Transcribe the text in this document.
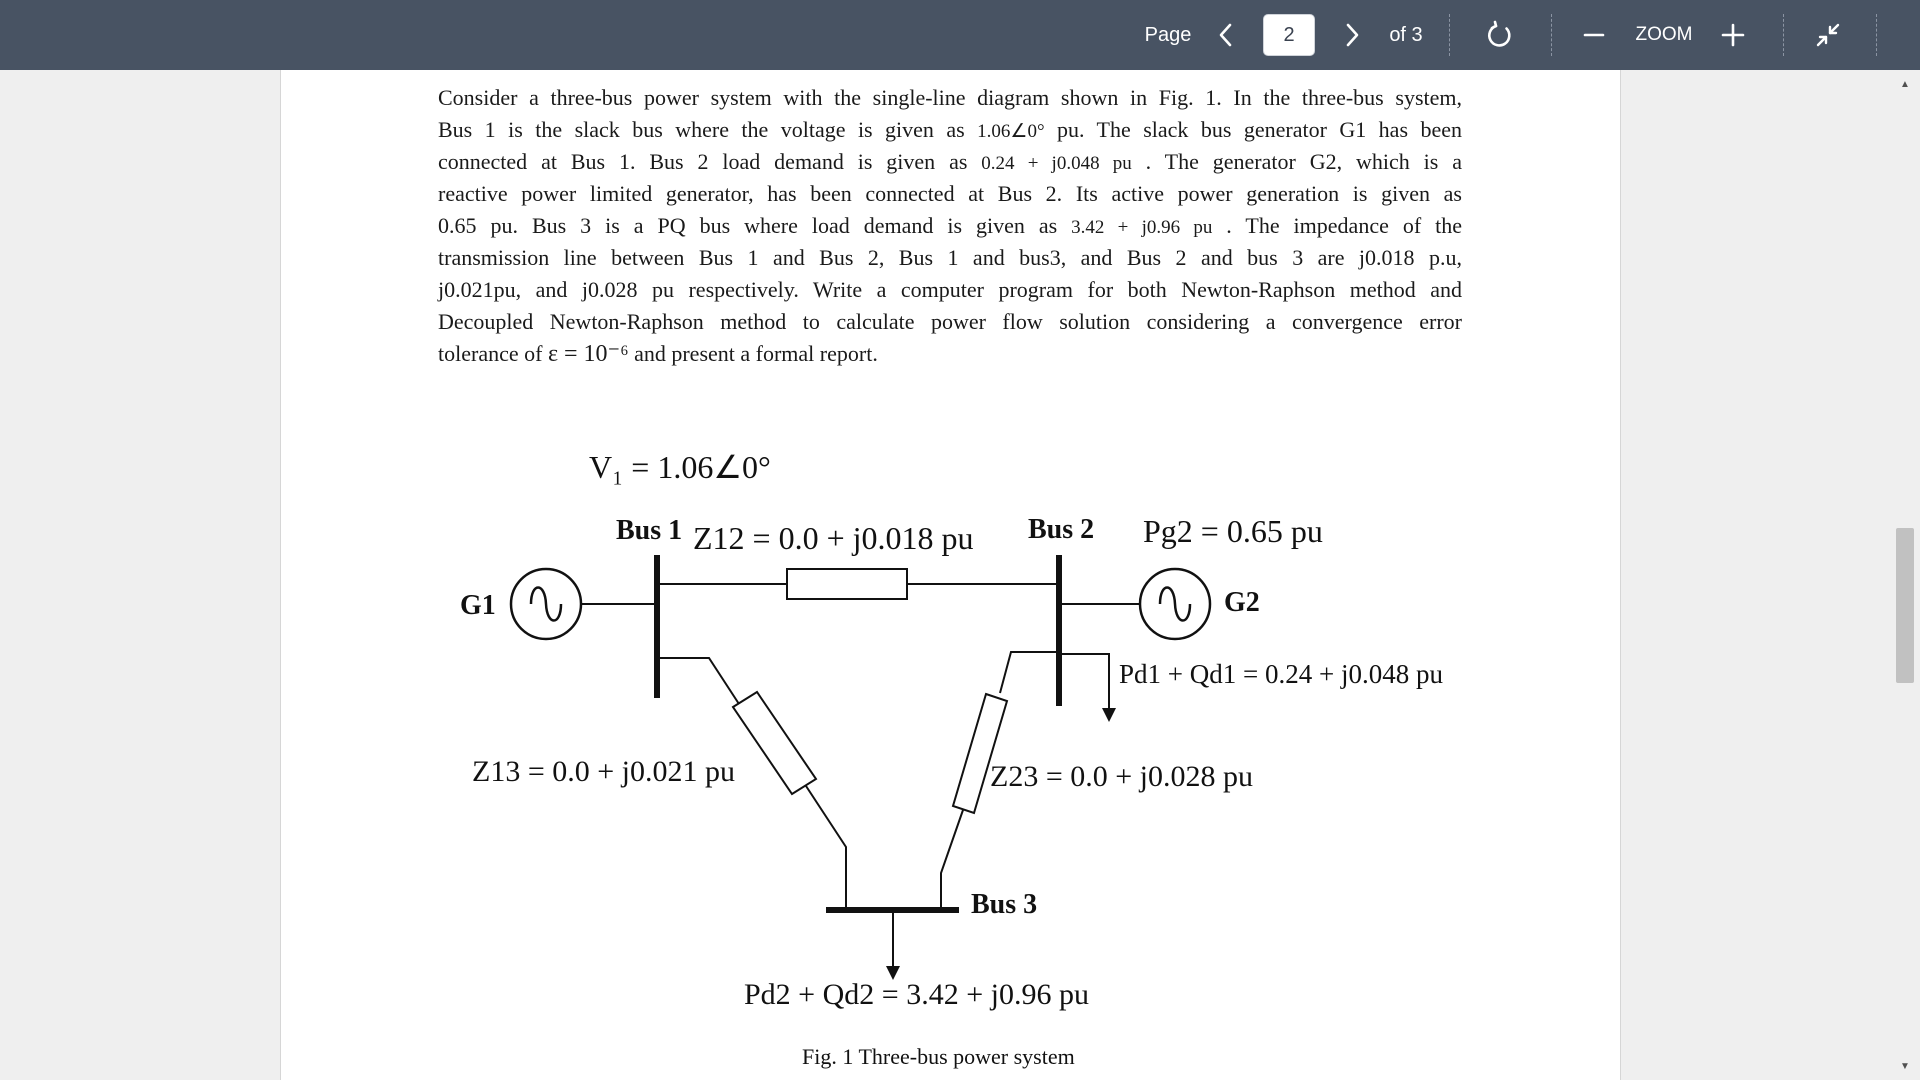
Page	2	of 3	ZOOM
Consider a three-bus power system with the single-line diagram shown in Fig. 1. In the three-bus system,
Bus 1 is the slack bus where the voltage is given as 1.06∠0° pu. The slack bus generator G1 has been
connected at Bus 1. Bus 2 load demand is given as 0.24 + j0.048 pu . The generator G2, which is a
reactive power limited generator, has been connected at Bus 2. Its active power generation is given as
0.65 pu. Bus 3 is a PQ bus where load demand is given as 3.42 + j0.96 pu . The impedance of the
transmission line between Bus 1 and Bus 2, Bus 1 and bus3, and Bus 2 and bus 3 are j0.018 p.u,
j0.021pu, and j0.028 pu respectively. Write a computer program for both Newton-Raphson method and
Decoupled Newton-Raphson method to calculate power flow solution considering a convergence error
tolerance of ε = 10⁻⁶ and present a formal report.
V₁ = 1.06∠0°
Bus 1 Z12 = 0.0 + j0.018 pu Bus 2 Pg2 = 0.65 pu
G1	G2
Pd1 + Qd1 = 0.24 + j0.048 pu
Z13 = 0.0 + j0.021 pu	Z23 = 0.0 + j0.028 pu
Bus 3
Pd2 + Qd2 = 3.42 + j0.96 pu
Fig. 1 Three-bus power system
▲
▼
